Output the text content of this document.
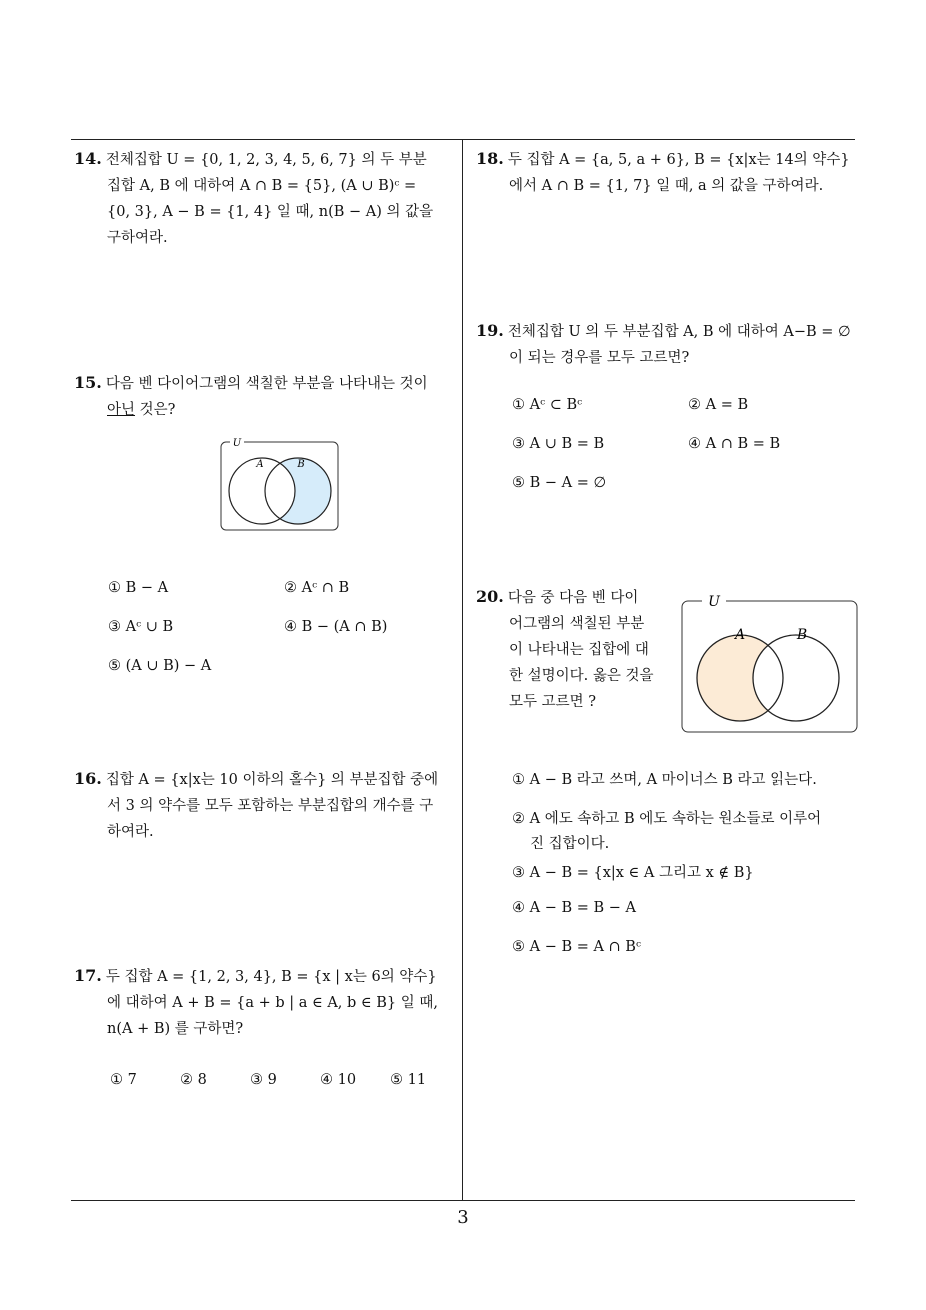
14. 전체집합 U = {0, 1, 2, 3, 4, 5, 6, 7} 의 두 부분
집합 A, B 에 대하여 A ∩ B = {5}, (A ∪ B)ᶜ =
{0, 3}, A − B = {1, 4} 일 때, n(B − A) 의 값을
구하여라.
15. 다음 벤 다이어그램의 색칠한 부분을 나타내는 것이
아닌 것은?
U
A	B
① B − A	② Aᶜ ∩ B
③ Aᶜ ∪ B	④ B − (A ∩ B)
⑤ (A ∪ B) − A
16. 집합 A = {x|x는 10 이하의 홀수} 의 부분집합 중에
서 3 의 약수를 모두 포함하는 부분집합의 개수를 구
하여라.
17. 두 집합 A = {1, 2, 3, 4}, B = {x | x는 6의 약수}
에 대하여 A + B = {a + b | a ∈ A, b ∈ B} 일 때,
n(A + B) 를 구하면?
① 7	② 8	③ 9	④ 10 ⑤ 11
18. 두 집합 A = {a, 5, a + 6}, B = {x|x는 14의 약수}
에서 A ∩ B = {1, 7} 일 때, a 의 값을 구하여라.
19. 전체집합 U 의 두 부분집합 A, B 에 대하여 A−B = ∅
이 되는 경우를 모두 고르면?
① Aᶜ ⊂ Bᶜ	② A = B
③ A ∪ B = B	④ A ∩ B = B
⑤ B − A = ∅
20. 다음 중 다음 벤 다이
어그램의 색칠된 부분
이 나타내는 집합에 대
한 설명이다. 옳은 것을
모두 고르면 ?
U
A	B
① A − B 라고 쓰며, A 마이너스 B 라고 읽는다.
② A 에도 속하고 B 에도 속하는 원소들로 이루어
진 집합이다.
③ A − B = {x|x ∈ A 그리고 x ∉ B}
④ A − B = B − A
⑤ A − B = A ∩ Bᶜ
3
